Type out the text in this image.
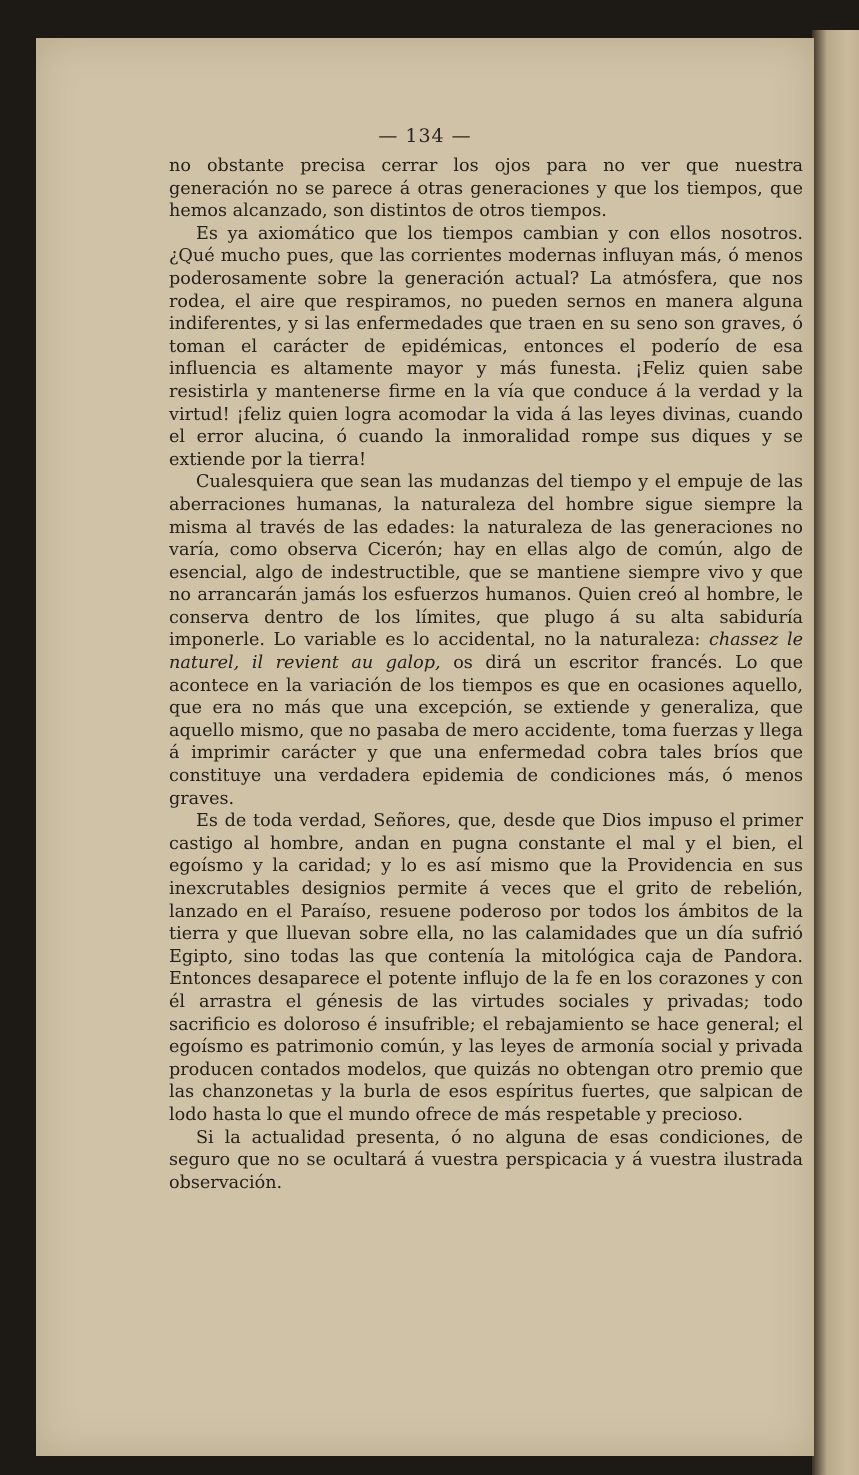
— 134 —

no obstante precisa cerrar los ojos para no ver que nuestra generación no se parece á otras generaciones y que los tiempos, que hemos alcanzado, son distintos de otros tiempos.

Es ya axiomático que los tiempos cambian y con ellos nosotros. ¿Qué mucho pues, que las corrientes modernas influyan más, ó menos poderosamente sobre la generación actual? La atmósfera, que nos rodea, el aire que respiramos, no pueden sernos en manera alguna indiferentes, y si las enfermedades que traen en su seno son graves, ó toman el carácter de epidémicas, entonces el poderío de esa influencia es altamente mayor y más funesta. ¡Feliz quien sabe resistirla y mantenerse firme en la vía que conduce á la verdad y la virtud! ¡feliz quien logra acomodar la vida á las leyes divinas, cuando el error alucina, ó cuando la inmoralidad rompe sus diques y se extiende por la tierra!

Cualesquiera que sean las mudanzas del tiempo y el empuje de las aberraciones humanas, la naturaleza del hombre sigue siempre la misma al través de las edades: la naturaleza de las generaciones no varía, como observa Cicerón; hay en ellas algo de común, algo de esencial, algo de indestructible, que se mantiene siempre vivo y que no arrancarán jamás los esfuerzos humanos. Quien creó al hombre, le conserva dentro de los límites, que plugo á su alta sabiduría imponerle. Lo variable es lo accidental, no la naturaleza: chassez le naturel, il revient au galop, os dirá un escritor francés. Lo que acontece en la variación de los tiempos es que en ocasiones aquello, que era no más que una excepción, se extiende y generaliza, que aquello mismo, que no pasaba de mero accidente, toma fuerzas y llega á imprimir carácter y que una enfermedad cobra tales bríos que constituye una verdadera epidemia de condiciones más, ó menos graves.

Es de toda verdad, Señores, que, desde que Dios impuso el primer castigo al hombre, andan en pugna constante el mal y el bien, el egoísmo y la caridad; y lo es así mismo que la Providencia en sus inexcrutables designios permite á veces que el grito de rebelión, lanzado en el Paraíso, resuene poderoso por todos los ámbitos de la tierra y que lluevan sobre ella, no las calamidades que un día sufrió Egipto, sino todas las que contenía la mitológica caja de Pandora. Entonces desaparece el potente influjo de la fe en los corazones y con él arrastra el génesis de las virtudes sociales y privadas; todo sacrificio es doloroso é insufrible; el rebajamiento se hace general; el egoísmo es patrimonio común, y las leyes de armonía social y privada producen contados modelos, que quizás no obtengan otro premio que las chanzonetas y la burla de esos espíritus fuertes, que salpican de lodo hasta lo que el mundo ofrece de más respetable y precioso.

Si la actualidad presenta, ó no alguna de esas condiciones, de seguro que no se ocultará á vuestra perspicacia y á vuestra ilustrada observación.
